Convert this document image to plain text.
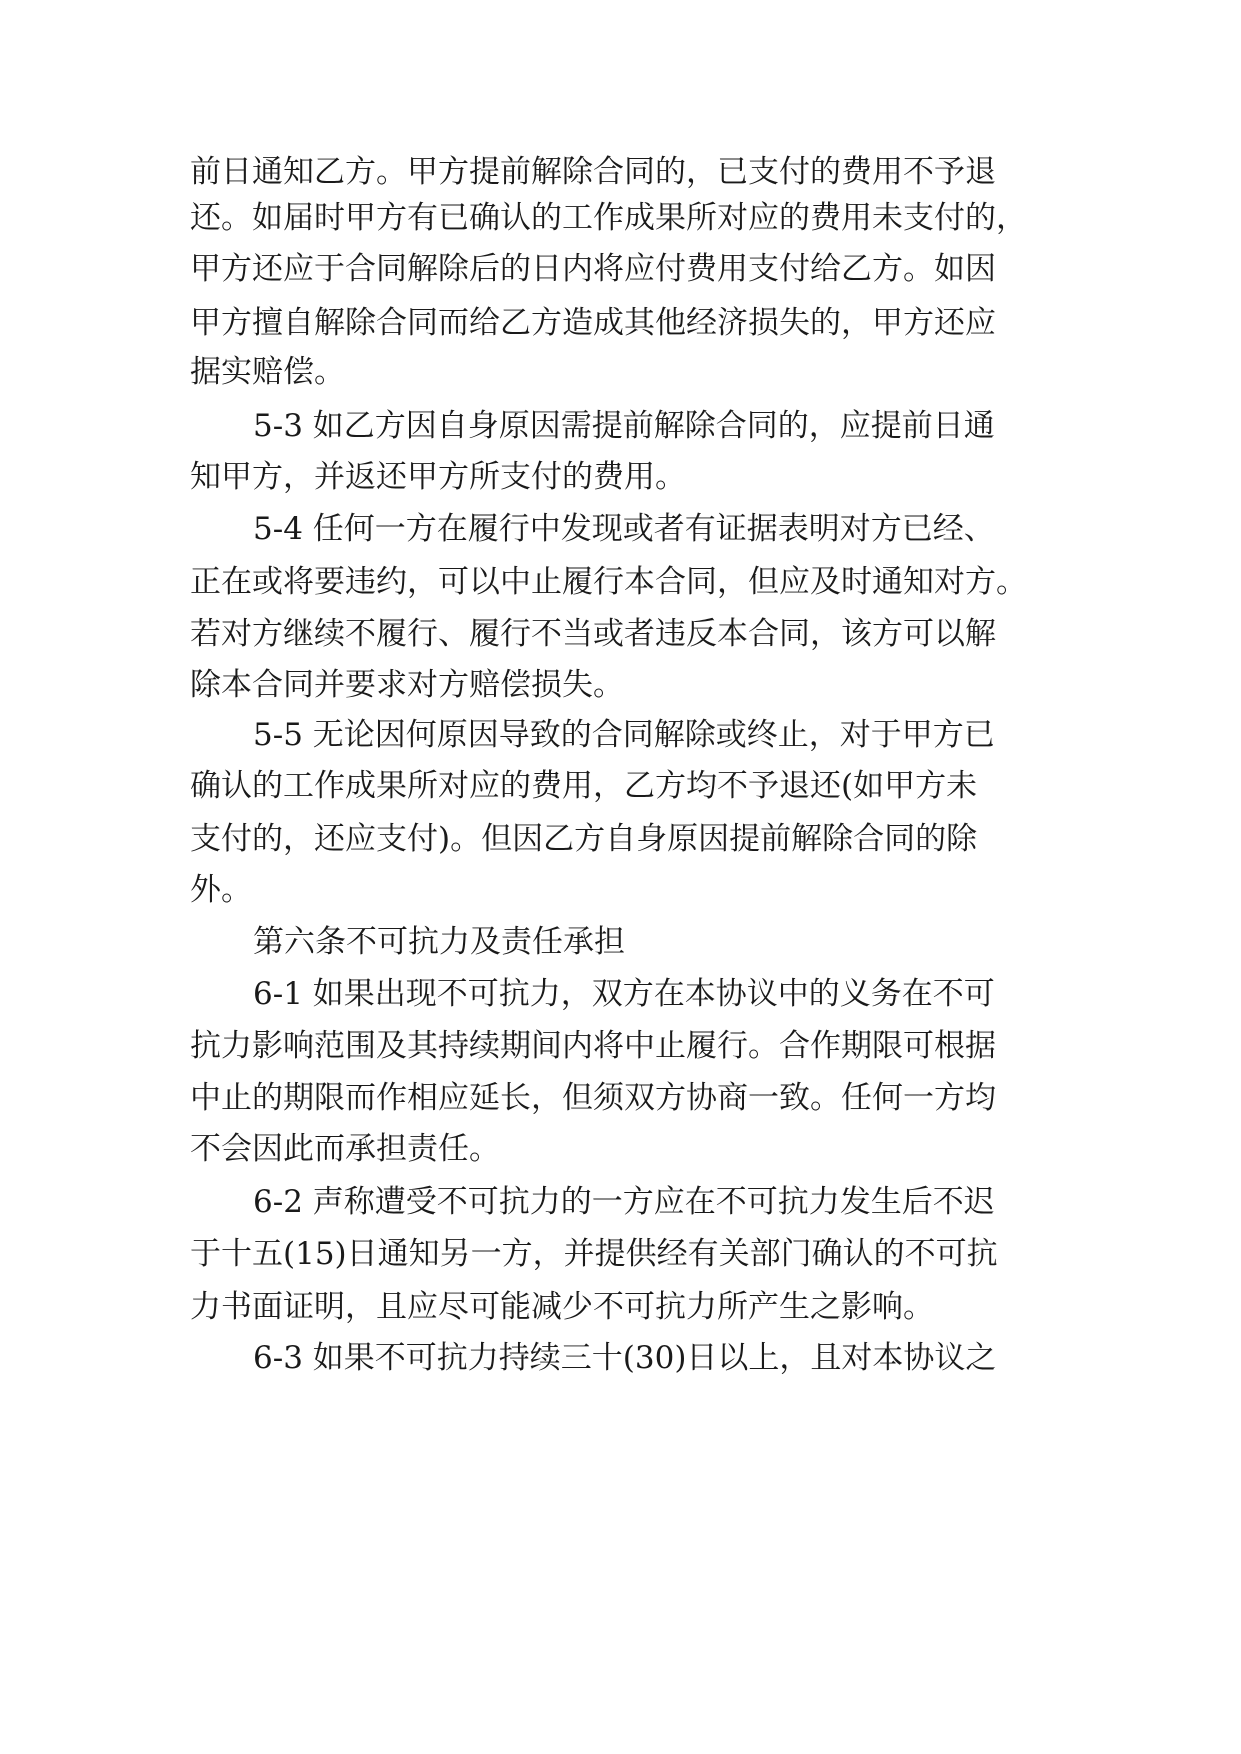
前日通知乙方。甲方提前解除合同的，已支付的费用不予退

还。如届时甲方有已确认的工作成果所对应的费用未支付的，

甲方还应于合同解除后的日内将应付费用支付给乙方。如因

甲方擅自解除合同而给乙方造成其他经济损失的，甲方还应

据实赔偿。

5-3 如乙方因自身原因需提前解除合同的，应提前日通

知甲方，并返还甲方所支付的费用。

5-4 任何一方在履行中发现或者有证据表明对方已经、

正在或将要违约，可以中止履行本合同，但应及时通知对方。

若对方继续不履行、履行不当或者违反本合同，该方可以解

除本合同并要求对方赔偿损失。

5-5 无论因何原因导致的合同解除或终止，对于甲方已

确认的工作成果所对应的费用，乙方均不予退还(如甲方未

支付的，还应支付)。但因乙方自身原因提前解除合同的除

外。

第六条不可抗力及责任承担

6-1 如果出现不可抗力，双方在本协议中的义务在不可

抗力影响范围及其持续期间内将中止履行。合作期限可根据

中止的期限而作相应延长，但须双方协商一致。任何一方均

不会因此而承担责任。

6-2 声称遭受不可抗力的一方应在不可抗力发生后不迟

于十五(15)日通知另一方，并提供经有关部门确认的不可抗

力书面证明，且应尽可能减少不可抗力所产生之影响。

6-3 如果不可抗力持续三十(30)日以上，且对本协议之
